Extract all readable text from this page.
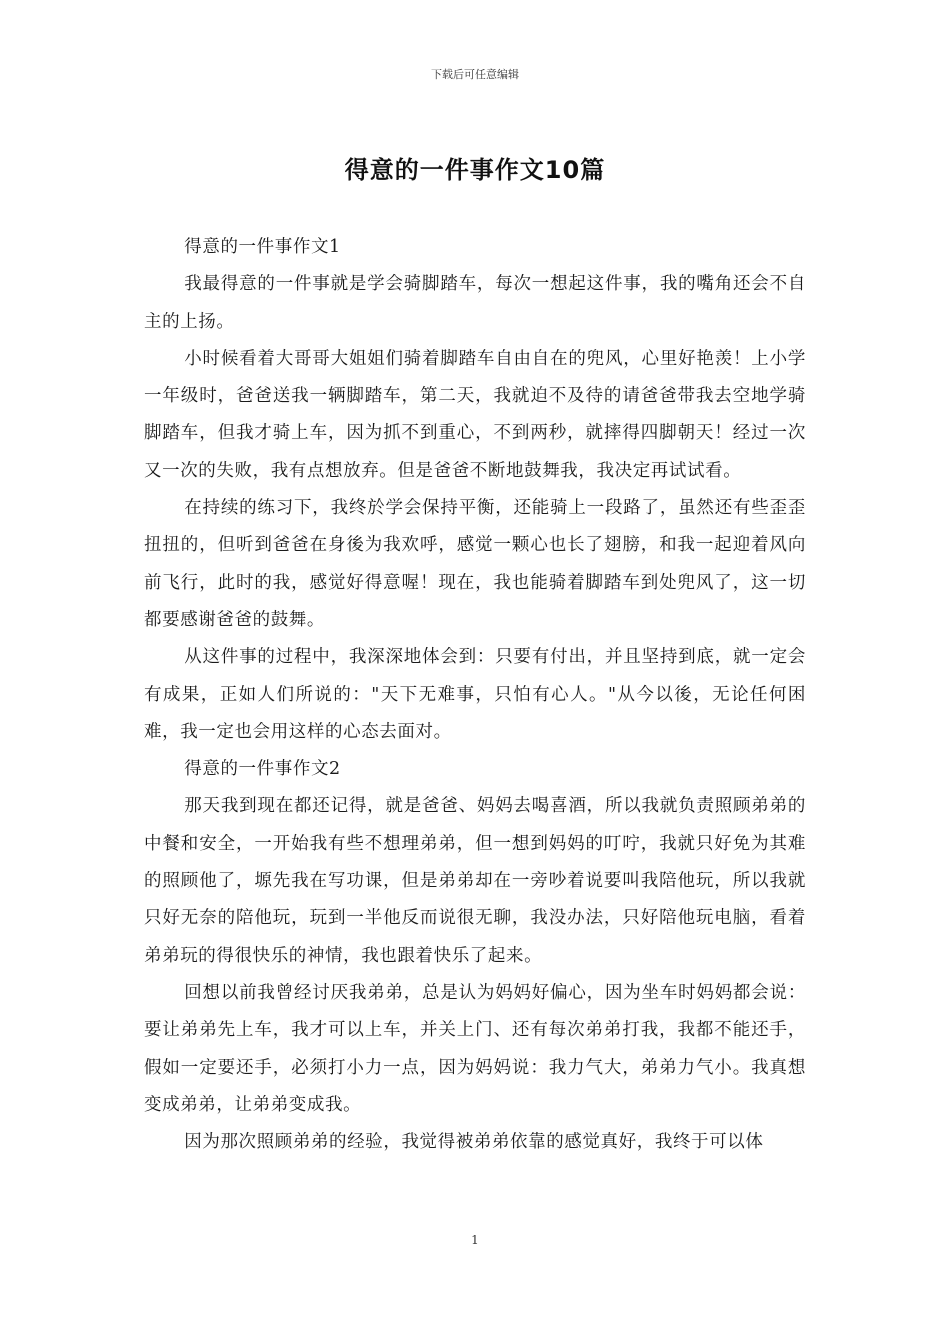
下载后可任意编辑
得意的一件事作文10篇

得意的一件事作文1

我最得意的一件事就是学会骑脚踏车，每次一想起这件事，我的嘴角还会不自主的上扬。

小时候看着大哥哥大姐姐们骑着脚踏车自由自在的兜风，心里好艳羡！上小学一年级时，爸爸送我一辆脚踏车，第二天，我就迫不及待的请爸爸带我去空地学骑脚踏车，但我才骑上车，因为抓不到重心，不到两秒，就摔得四脚朝天！经过一次又一次的失败，我有点想放弃。但是爸爸不断地鼓舞我，我决定再试试看。

在持续的练习下，我终於学会保持平衡，还能骑上一段路了，虽然还有些歪歪扭扭的，但听到爸爸在身後为我欢呼，感觉一颗心也长了翅膀，和我一起迎着风向前飞行，此时的我，感觉好得意喔！现在，我也能骑着脚踏车到处兜风了，这一切都要感谢爸爸的鼓舞。

从这件事的过程中，我深深地体会到：只要有付出，并且坚持到底，就一定会有成果，正如人们所说的："天下无难事，只怕有心人。"从今以後，无论任何困难，我一定也会用这样的心态去面对。

得意的一件事作文2

那天我到现在都还记得，就是爸爸、妈妈去喝喜酒，所以我就负责照顾弟弟的中餐和安全，一开始我有些不想理弟弟，但一想到妈妈的叮咛，我就只好免为其难的照顾他了，塬先我在写功课，但是弟弟却在一旁吵着说要叫我陪他玩，所以我就只好无奈的陪他玩，玩到一半他反而说很无聊，我没办法，只好陪他玩电脑，看着弟弟玩的得很快乐的神情，我也跟着快乐了起来。

回想以前我曾经讨厌我弟弟，总是认为妈妈好偏心，因为坐车时妈妈都会说：要让弟弟先上车，我才可以上车，并关上门、还有每次弟弟打我，我都不能还手，假如一定要还手，必须打小力一点，因为妈妈说：我力气大，弟弟力气小。我真想变成弟弟，让弟弟变成我。

因为那次照顾弟弟的经验，我觉得被弟弟依靠的感觉真好，我终于可以体

1
